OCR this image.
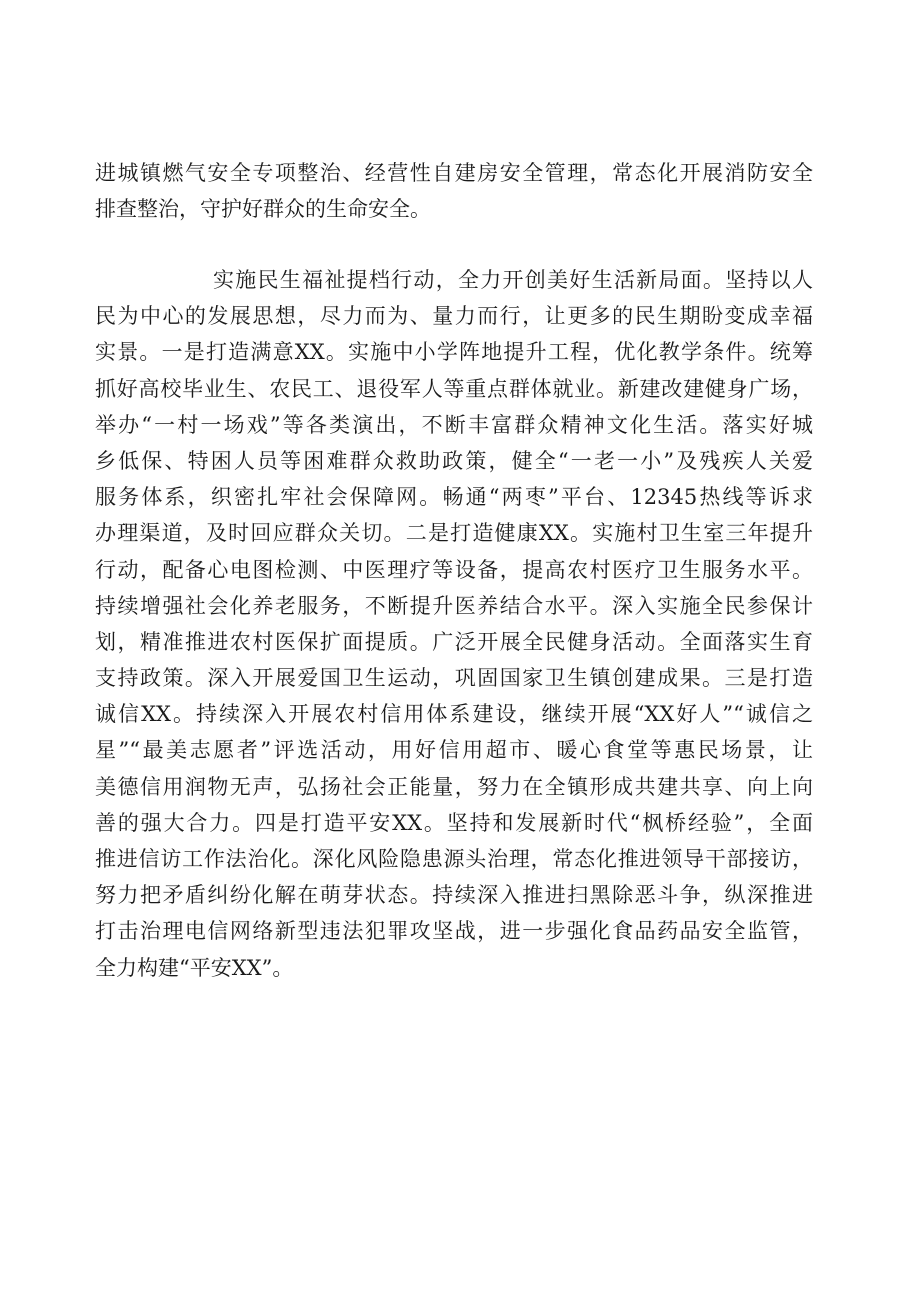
进城镇燃气安全专项整治、经营性自建房安全管理，常态化开展消防安全
排查整治，守护好群众的生命安全。
实施民生福祉提档行动，全力开创美好生活新局面。坚持以人
民为中心的发展思想，尽力而为、量力而行，让更多的民生期盼变成幸福
实景。一是打造满意XX。实施中小学阵地提升工程，优化教学条件。统筹
抓好高校毕业生、农民工、退役军人等重点群体就业。新建改建健身广场，
举办“一村一场戏”等各类演出，不断丰富群众精神文化生活。落实好城
乡低保、特困人员等困难群众救助政策，健全“一老一小”及残疾人关爱
服务体系，织密扎牢社会保障网。畅通“两枣”平台、12345热线等诉求
办理渠道，及时回应群众关切。二是打造健康XX。实施村卫生室三年提升
行动，配备心电图检测、中医理疗等设备，提高农村医疗卫生服务水平。
持续增强社会化养老服务，不断提升医养结合水平。深入实施全民参保计
划，精准推进农村医保扩面提质。广泛开展全民健身活动。全面落实生育
支持政策。深入开展爱国卫生运动，巩固国家卫生镇创建成果。三是打造
诚信XX。持续深入开展农村信用体系建设，继续开展“XX好人”“诚信之
星”“最美志愿者”评选活动，用好信用超市、暖心食堂等惠民场景，让
美德信用润物无声，弘扬社会正能量，努力在全镇形成共建共享、向上向
善的强大合力。四是打造平安XX。坚持和发展新时代“枫桥经验”，全面
推进信访工作法治化。深化风险隐患源头治理，常态化推进领导干部接访，
努力把矛盾纠纷化解在萌芽状态。持续深入推进扫黑除恶斗争，纵深推进
打击治理电信网络新型违法犯罪攻坚战，进一步强化食品药品安全监管，
全力构建“平安XX”。
